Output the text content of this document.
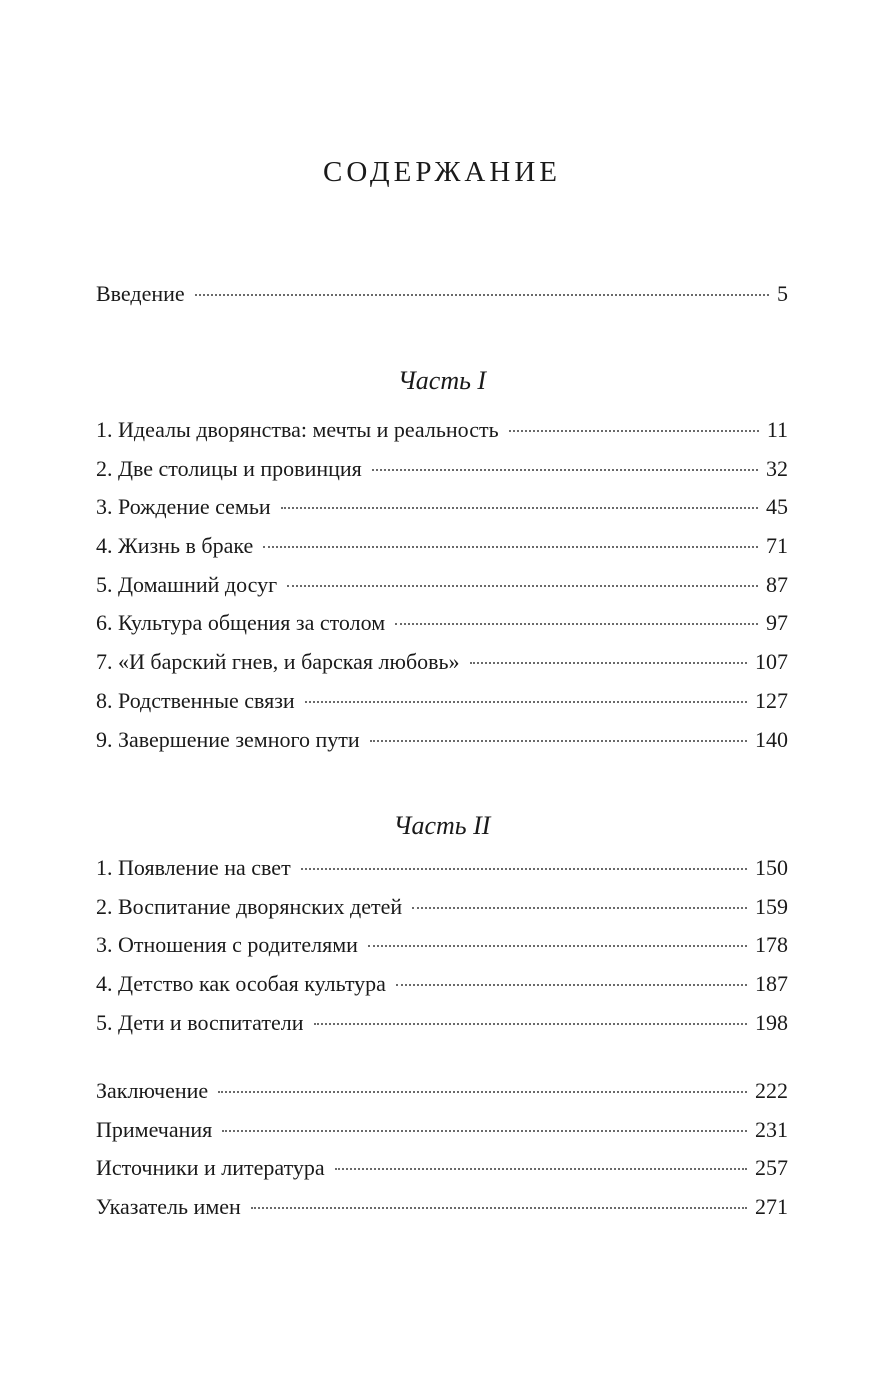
СОДЕРЖАНИЕ
Введение	5
Часть I
1. Идеалы дворянства: мечты и реальность	11
2. Две столицы и провинция	32
3. Рождение семьи	45
4. Жизнь в браке	71
5. Домашний досуг	87
6. Культура общения за столом	97
7. «И барский гнев, и барская любовь»	107
8. Родственные связи	127
9. Завершение земного пути	140
Часть II
1. Появление на свет	150
2. Воспитание дворянских детей	159
3. Отношения с родителями	178
4. Детство как особая культура	187
5. Дети и воспитатели	198
Заключение	222
Примечания	231
Источники и литература	257
Указатель имен	271
